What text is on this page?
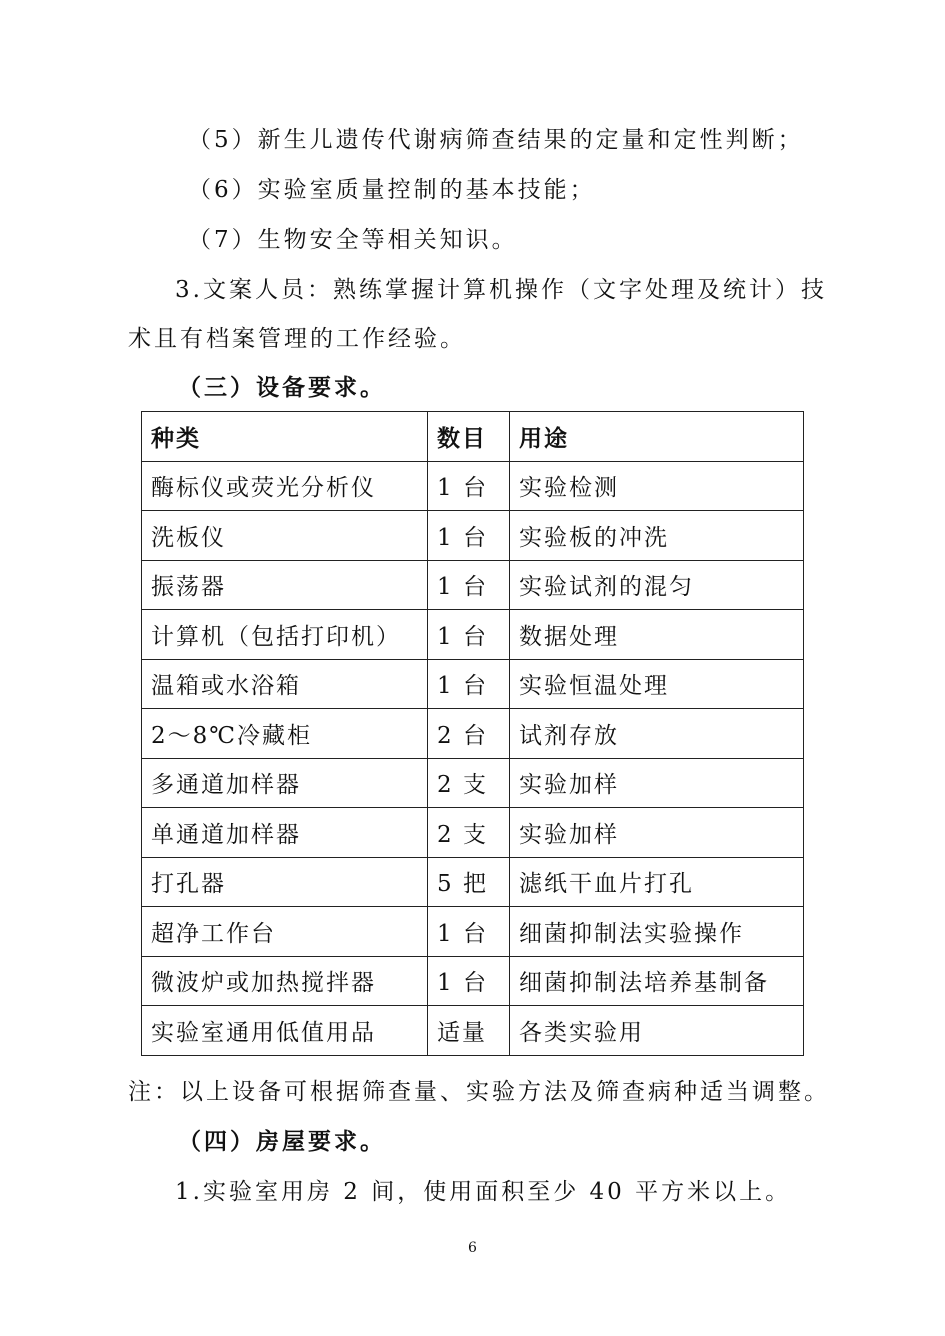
（5）新生儿遗传代谢病筛查结果的定量和定性判断；
（6）实验室质量控制的基本技能；
（7）生物安全等相关知识。
3.文案人员：熟练掌握计算机操作（文字处理及统计）技
术且有档案管理的工作经验。
（三）设备要求。
种类	数目	用途
酶标仪或荧光分析仪	1 台	实验检测
洗板仪	1 台	实验板的冲洗
振荡器	1 台	实验试剂的混匀
计算机（包括打印机）	1 台	数据处理
温箱或水浴箱	1 台	实验恒温处理
2～8℃冷藏柜	2 台	试剂存放
多通道加样器	2 支	实验加样
单通道加样器	2 支	实验加样
打孔器	5 把	滤纸干血片打孔
超净工作台	1 台	细菌抑制法实验操作
微波炉或加热搅拌器	1 台	细菌抑制法培养基制备
实验室通用低值用品	适量	各类实验用
注：以上设备可根据筛查量、实验方法及筛查病种适当调整。
（四）房屋要求。
1.实验室用房 2 间，使用面积至少 40 平方米以上。
6
